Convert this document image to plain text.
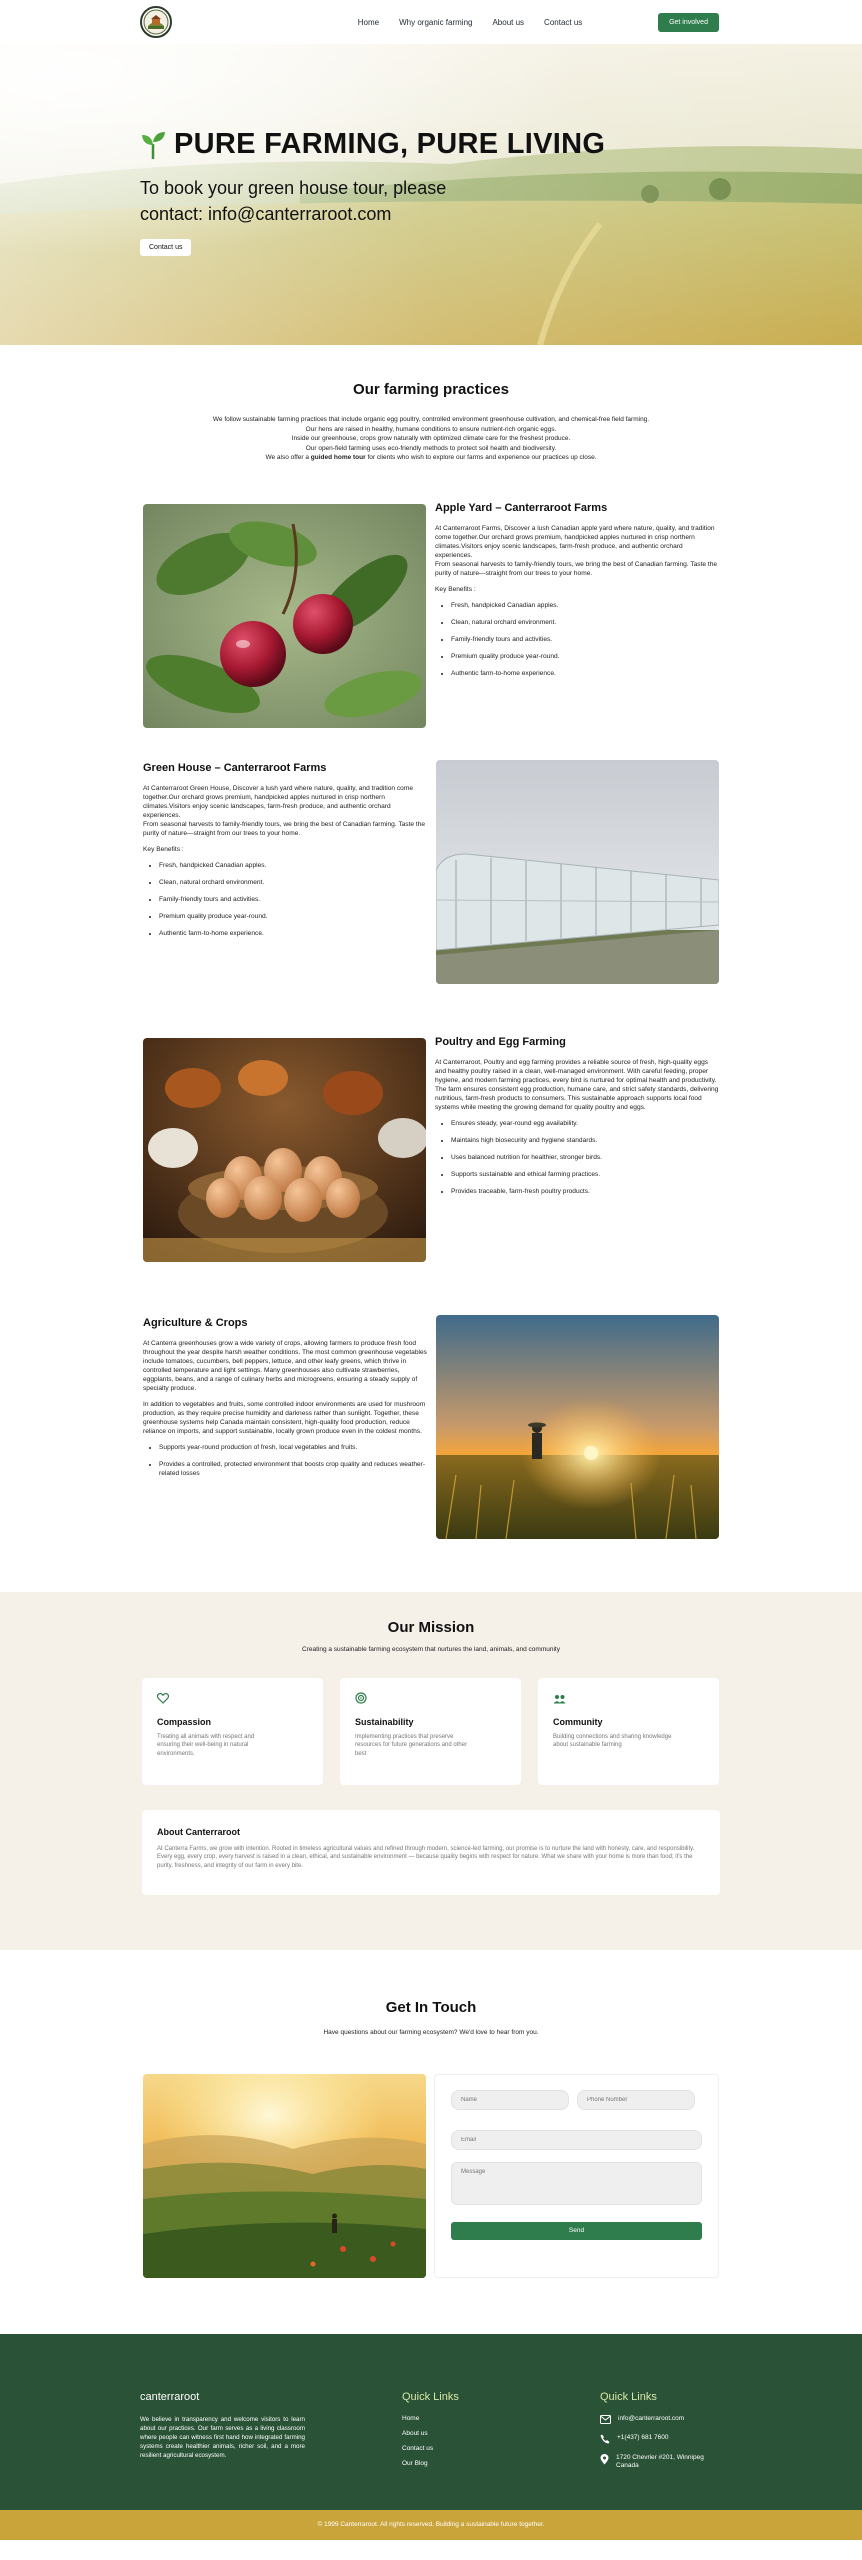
Home	Why organic farming	About us	Contact us	Get involved
PURE FARMING, PURE LIVING

To book your green house tour, please contact: info@canterraroot.com

Contact us
Our farming practices
We follow sustainable farming practices that include organic egg poultry, controlled environment greenhouse cultivation, and chemical-free field farming.
Our hens are raised in healthy, humane conditions to ensure nutrient-rich organic eggs.
Inside our greenhouse, crops grow naturally with optimized climate care for the freshest produce.
Our open-field farming uses eco-friendly methods to protect soil health and biodiversity.
We also offer a guided home tour for clients who wish to explore our farms and experience our practices up close.
Apple Yard – Canterraroot Farms

At Canterraroot Farms, Discover a lush Canadian apple yard where nature, quality, and tradition come together.Our orchard grows premium, handpicked apples nurtured in crisp northern climates.Visitors enjoy scenic landscapes, farm-fresh produce, and authentic orchard experiences.
From seasonal harvests to family-friendly tours, we bring the best of Canadian farming. Taste the purity of nature—straight from our trees to your home.

Key Benefits :

• Fresh, handpicked Canadian apples.
• Clean, natural orchard environment.
• Family-friendly tours and activities.
• Premium quality produce year-round.
• Authentic farm-to-home experience.
Green House – Canterraroot Farms

At Canterraroot Green House, Discover a lush yard where nature, quality, and tradition come together.Our orchard grows premium, handpicked apples nurtured in crisp northern climates.Visitors enjoy scenic landscapes, farm-fresh produce, and authentic orchard experiences.
From seasonal harvests to family-friendly tours, we bring the best of Canadian farming. Taste the purity of nature—straight from our trees to your home.

Key Benefits :

• Fresh, handpicked Canadian apples.
• Clean, natural orchard environment.
• Family-friendly tours and activities.
• Premium quality produce year-round.
• Authentic farm-to-home experience.
Poultry and Egg Farming

At Canterraroot, Poultry and egg farming provides a reliable source of fresh, high-quality eggs and healthy poultry raised in a clean, well-managed environment. With careful feeding, proper hygiene, and modern farming practices, every bird is nurtured for optimal health and productivity. The farm ensures consistent egg production, humane care, and strict safety standards, delivering nutritious, farm-fresh products to consumers. This sustainable approach supports local food systems while meeting the growing demand for quality poultry and eggs.

• Ensures steady, year-round egg availability.
• Maintains high biosecurity and hygiene standards.
• Uses balanced nutrition for healthier, stronger birds.
• Supports sustainable and ethical farming practices.
• Provides traceable, farm-fresh poultry products.
Agriculture & Crops

At Canterra greenhouses grow a wide variety of crops, allowing farmers to produce fresh food throughout the year despite harsh weather conditions. The most common greenhouse vegetables include tomatoes, cucumbers, bell peppers, lettuce, and other leafy greens, which thrive in controlled temperature and light settings. Many greenhouses also cultivate strawberries, eggplants, beans, and a range of culinary herbs and microgreens, ensuring a steady supply of specialty produce.

In addition to vegetables and fruits, some controlled indoor environments are used for mushroom production, as they require precise humidity and darkness rather than sunlight. Together, these greenhouse systems help Canada maintain consistent, high-quality food production, reduce reliance on imports, and support sustainable, locally grown produce even in the coldest months.

• Supports year-round production of fresh, local vegetables and fruits.
• Provides a controlled, protected environment that boosts crop quality and reduces weather-related losses
Our Mission

Creating a sustainable farming ecosystem that nurtures the land, animals, and community

Compassion

Treating all animals with respect and ensuring their well-being in natural environments.

Sustainability

Implementing practices that preserve resources for future generations and other best

Community

Building connections and sharing knowledge about sustainable farming

About Canterraroot

At Canterra Farms, we grow with intention. Rooted in timeless agricultural values and refined through modern, science-led farming, our promise is to nurture the land with honesty, care, and responsibility. Every egg, every crop, every harvest is raised in a clean, ethical, and sustainable environment — because quality begins with respect for nature. What we share with your home is more than food; it's the purity, freshness, and integrity of our farm in every bite.

Get In Touch

Have questions about our farming ecosystem? We'd love to hear from you.

Name
Phone Number
Email Message Send
canterraroot

We believe in transparency and welcome visitors to learn about our practices. Our farm serves as a living classroom where people can witness first hand how integrated farming systems create healthier animals, richer soil, and a more resilient agricultural ecosystem.

Quick Links
Home
About us
Contact us
Our Blog
Quick Links
info@canterraroot.com
+1(437) 681 7600
1720 Chevrier #201, Winnipeg Canada
© 1999 Canterraroot. All rights reserved. Building a sustainable future together.
